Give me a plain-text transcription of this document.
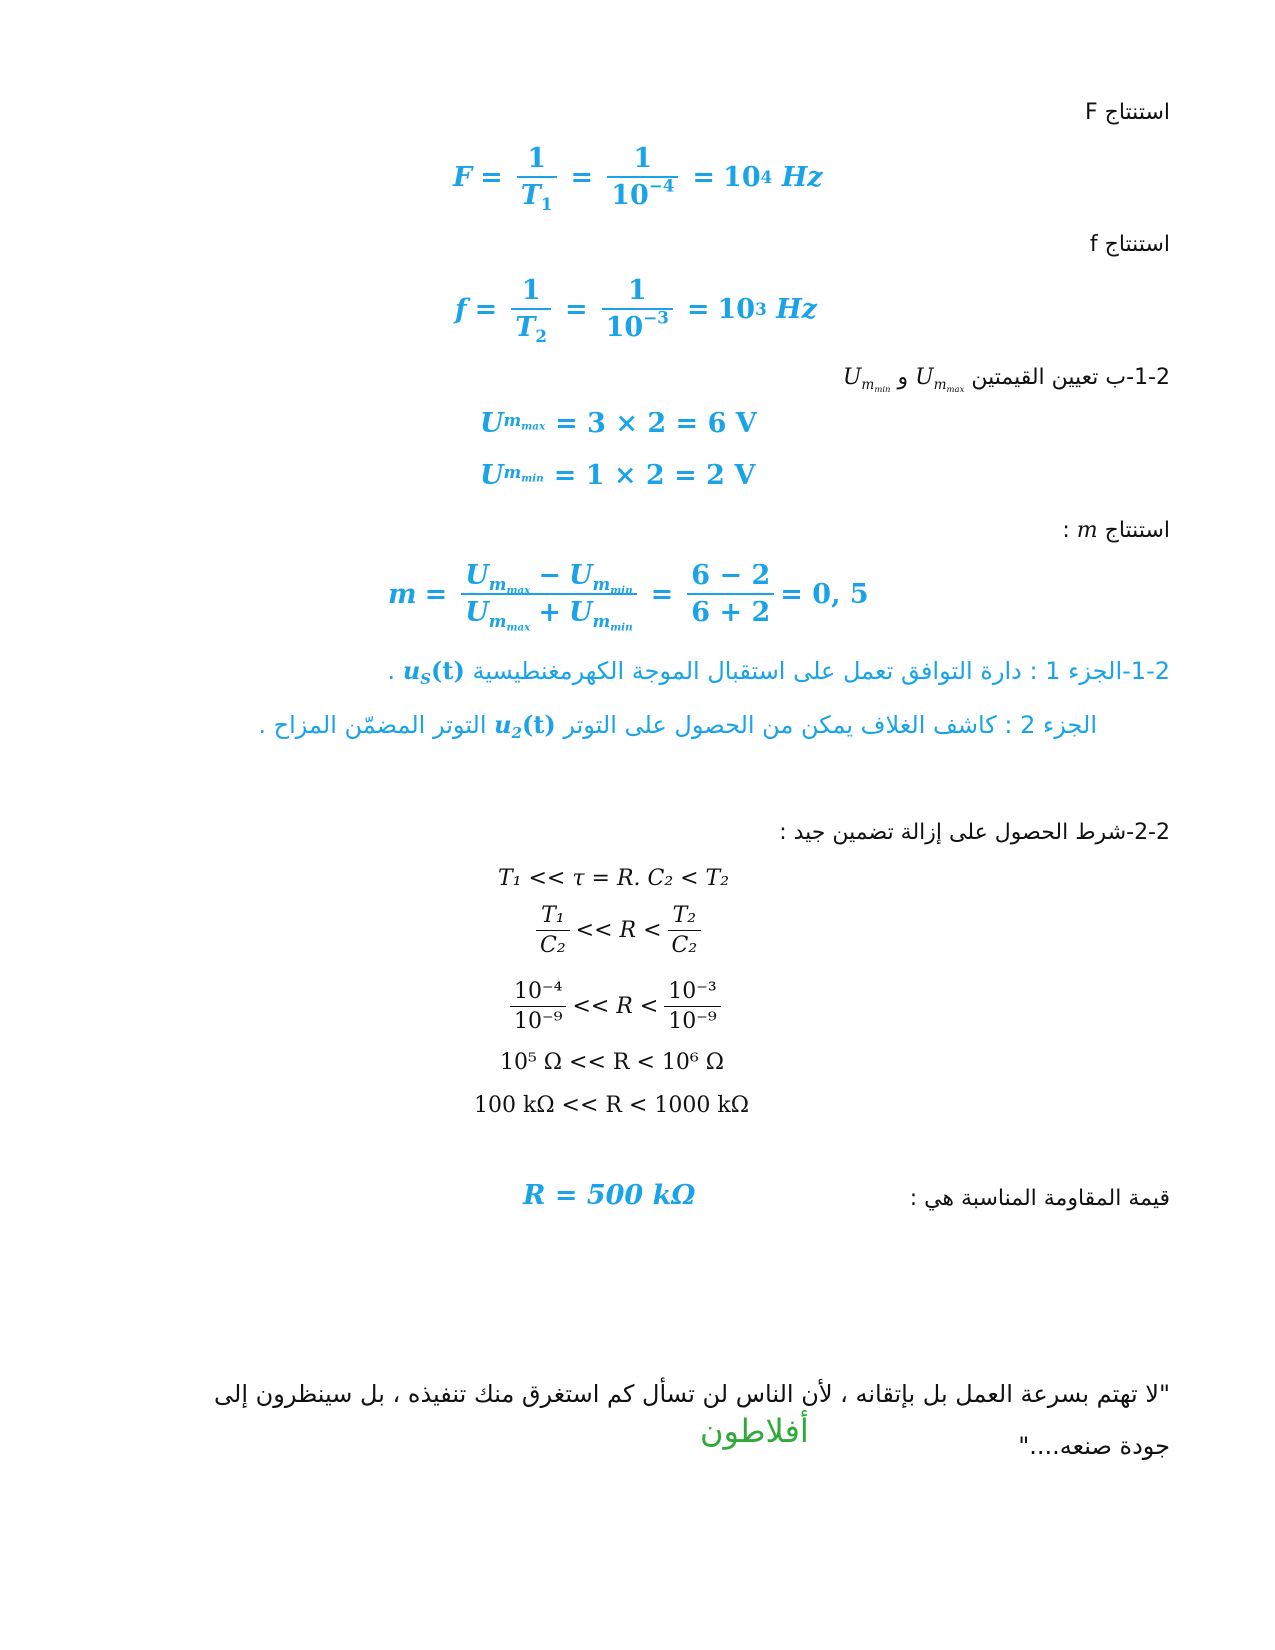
استنتاج F
$F = \frac{1}{T_1} = \frac{1}{10^{-4}} = 10$ 4
Hz
استنتاج f
$f = \frac{1}{T_2} = \frac{1}{10^{-3}} = 10$ 3
Hz
1-2-ب تعيين القيمتين $U_{m_{max}}$ و $U_{m_{min}}$
U $m_{max} = 3 \times 2 = 6$ V
U $m_{min} = 1 \times 2 = 2$ V
استنتاج m :
$m = \frac{U_{m_{max}} - U_{m_{min}}}{U_{m_{max}} + U_{m_{min}}} = \frac{6 - 2}{6 + 2} = 0$, 5
1-2-الجزء 1 : دارة التوافق تعمل على استقبال الموجة الكهرمغنطيسية $u_S(t)$ .
الجزء 2 : كاشف الغلاف يمكن من الحصول على التوتر $u_2(t)$ التوتر المضمّن المزاح .
2-2-شرط الحصول على إزالة تضمين جيد :
T₁ << τ = R. C₂ < T₂
$\frac{\text{T₁}}{\text{C₂}} << R < \frac{\text{T₂}}{\text{C₂}}$
$\frac{\text{10⁻⁴}}{\text{10⁻⁹}} << R < \frac{\text{10⁻³}}{\text{10⁻⁹}}$
10⁵ Ω << R < 10⁶ Ω
100 kΩ << R < 1000 kΩ
قيمة المقاومة المناسبة هي :
R = 500 kΩ
"لا تهتم بسرعة العمل بل بإتقانه ، لأن الناس لن تسأل كم استغرق منك تنفيذه ، بل سينظرون إلى
جودة صنعه...."
أفلاطون
